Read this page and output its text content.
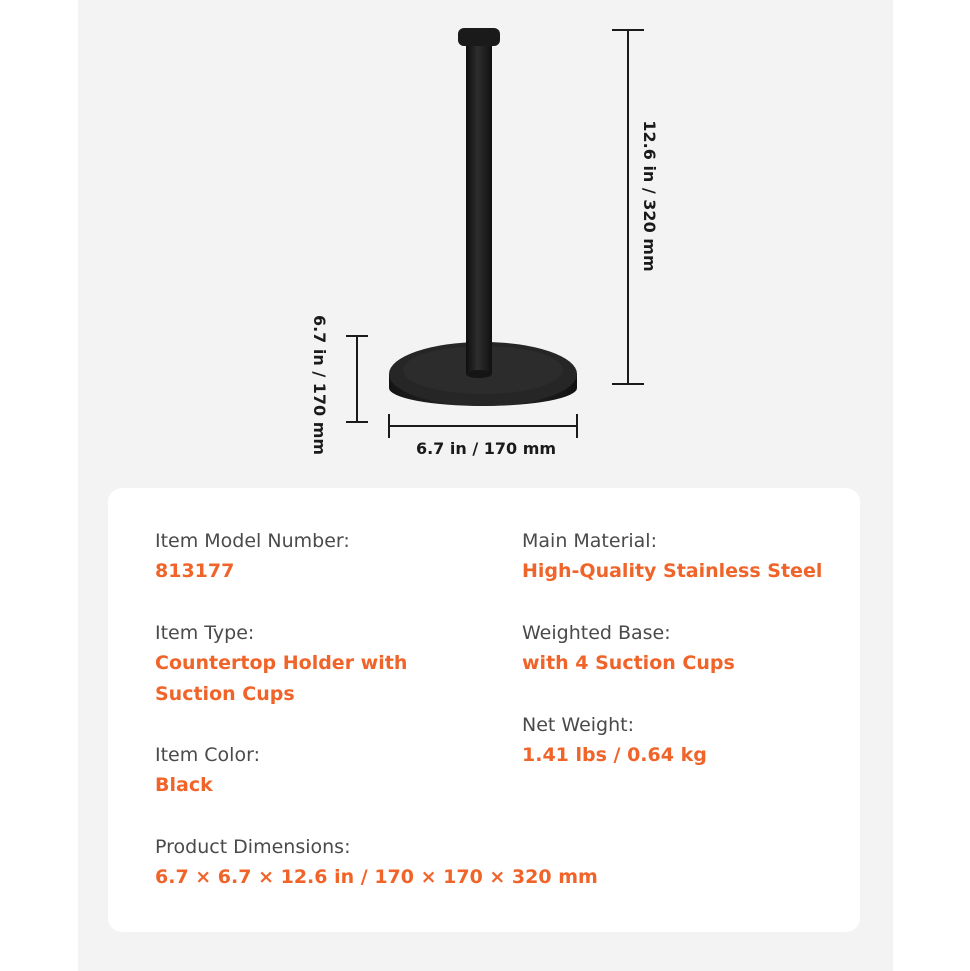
12.6 in / 320 mm
6.7 in / 170 mm	6.7 in / 170 mm
Item Model Number:
813177
Main Material:
High-Quality Stainless Steel
Item Type:
Countertop Holder with
Suction Cups
Weighted Base:
with 4 Suction Cups
Net Weight:
1.41 lbs / 0.64 kg
Item Color:
Black
Product Dimensions:
6.7 × 6.7 × 12.6 in / 170 × 170 × 320 mm
